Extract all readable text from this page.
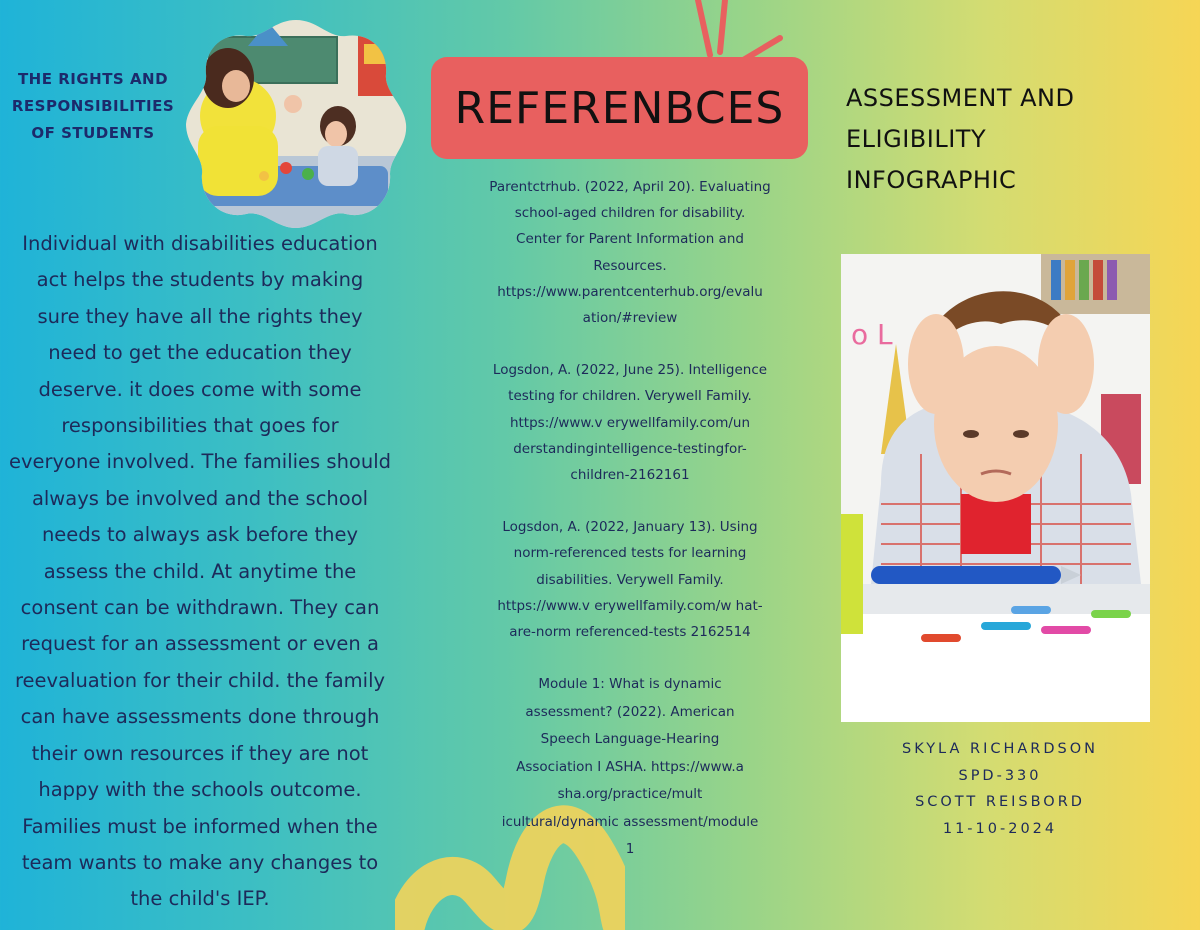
THE RIGHTS AND
RESPONSIBILITIES
OF STUDENTS
Individual with disabilities education
act helps the students by making
sure they have all the rights they
need to get the education they
deserve. it does come with some
responsibilities that goes for
everyone involved. The families should
always be involved and the school
needs to always ask before they
assess the child. At anytime the
consent can be withdrawn. They can
request for an assessment or even a
reevaluation for their child. the family
can have assessments done through
their own resources if they are not
happy with the schools outcome.
Families must be informed when the
team wants to make any changes to
the child's IEP.
REFERENBCES

Parentctrhub. (2022, April 20). Evaluating
school-aged children for disability.
Center for Parent Information and
Resources.
https://www.parentcenterhub.org/evalu
ation/#review

Logsdon, A. (2022, June 25). Intelligence
testing for children. Verywell Family.
https://www.v erywellfamily.com/un
derstandingintelligence-testingfor-
children-2162161

Logsdon, A. (2022, January 13). Using
norm-referenced tests for learning
disabilities. Verywell Family.
https://www.v erywellfamily.com/w hat-
are-norm referenced-tests 2162514

Module 1: What is dynamic
assessment? (2022). American
Speech Language-Hearing
Association I ASHA. https://www.a
sha.org/practice/mult
icultural/dynamic assessment/module
1

ASSESSMENT AND
ELIGIBILITY
INFOGRAPHIC
o L
SKYLA RICHARDSON
SPD-330
SCOTT REISBORD
11-10-2024
